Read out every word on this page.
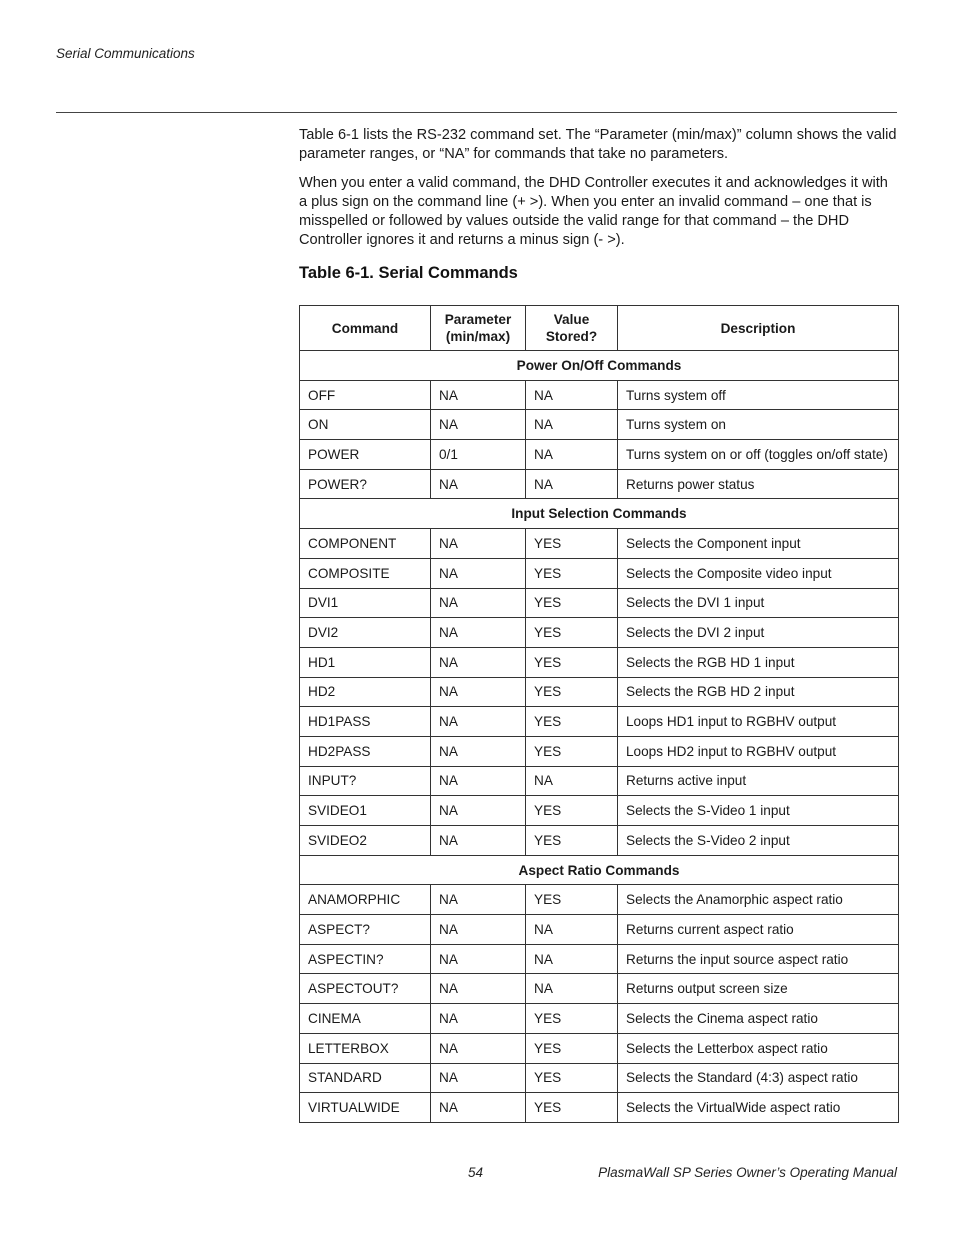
Serial Communications

Table 6-1 lists the RS-232 command set. The “Parameter (min/max)” column shows the valid parameter ranges, or “NA” for commands that take no parameters.

When you enter a valid command, the DHD Controller executes it and acknowledges it with a plus sign on the command line (+ >). When you enter an invalid command – one that is misspelled or followed by values outside the valid range for that command – the DHD Controller ignores it and returns a minus sign (- >).

Table 6-1. Serial Commands
Command	Parameter (min/max)	Value Stored?	Description
Power On/Off Commands			
OFF	NA	NA	Turns system off
ON	NA	NA	Turns system on
POWER	0/1	NA	Turns system on or off (toggles on/off state)
POWER?	NA	NA	Returns power status
Input Selection Commands			
COMPONENT	NA	YES	Selects the Component input
COMPOSITE	NA	YES	Selects the Composite video input
DVI1	NA	YES	Selects the DVI 1 input
DVI2	NA	YES	Selects the DVI 2 input
HD1	NA	YES	Selects the RGB HD 1 input
HD2	NA	YES	Selects the RGB HD 2 input
HD1PASS	NA	YES	Loops HD1 input to RGBHV output
HD2PASS	NA	YES	Loops HD2 input to RGBHV output
INPUT?	NA	NA	Returns active input
SVIDEO1	NA	YES	Selects the S-Video 1 input
SVIDEO2	NA	YES	Selects the S-Video 2 input
Aspect Ratio Commands			
ANAMORPHIC	NA	YES	Selects the Anamorphic aspect ratio
ASPECT?	NA	NA	Returns current aspect ratio
ASPECTIN?	NA	NA	Returns the input source aspect ratio
ASPECTOUT?	NA	NA	Returns output screen size
CINEMA	NA	YES	Selects the Cinema aspect ratio
LETTERBOX	NA	YES	Selects the Letterbox aspect ratio
STANDARD	NA	YES	Selects the Standard (4:3) aspect ratio
VIRTUALWIDE	NA	YES	Selects the VirtualWide aspect ratio
54	PlasmaWall SP Series Owner’s Operating Manual
